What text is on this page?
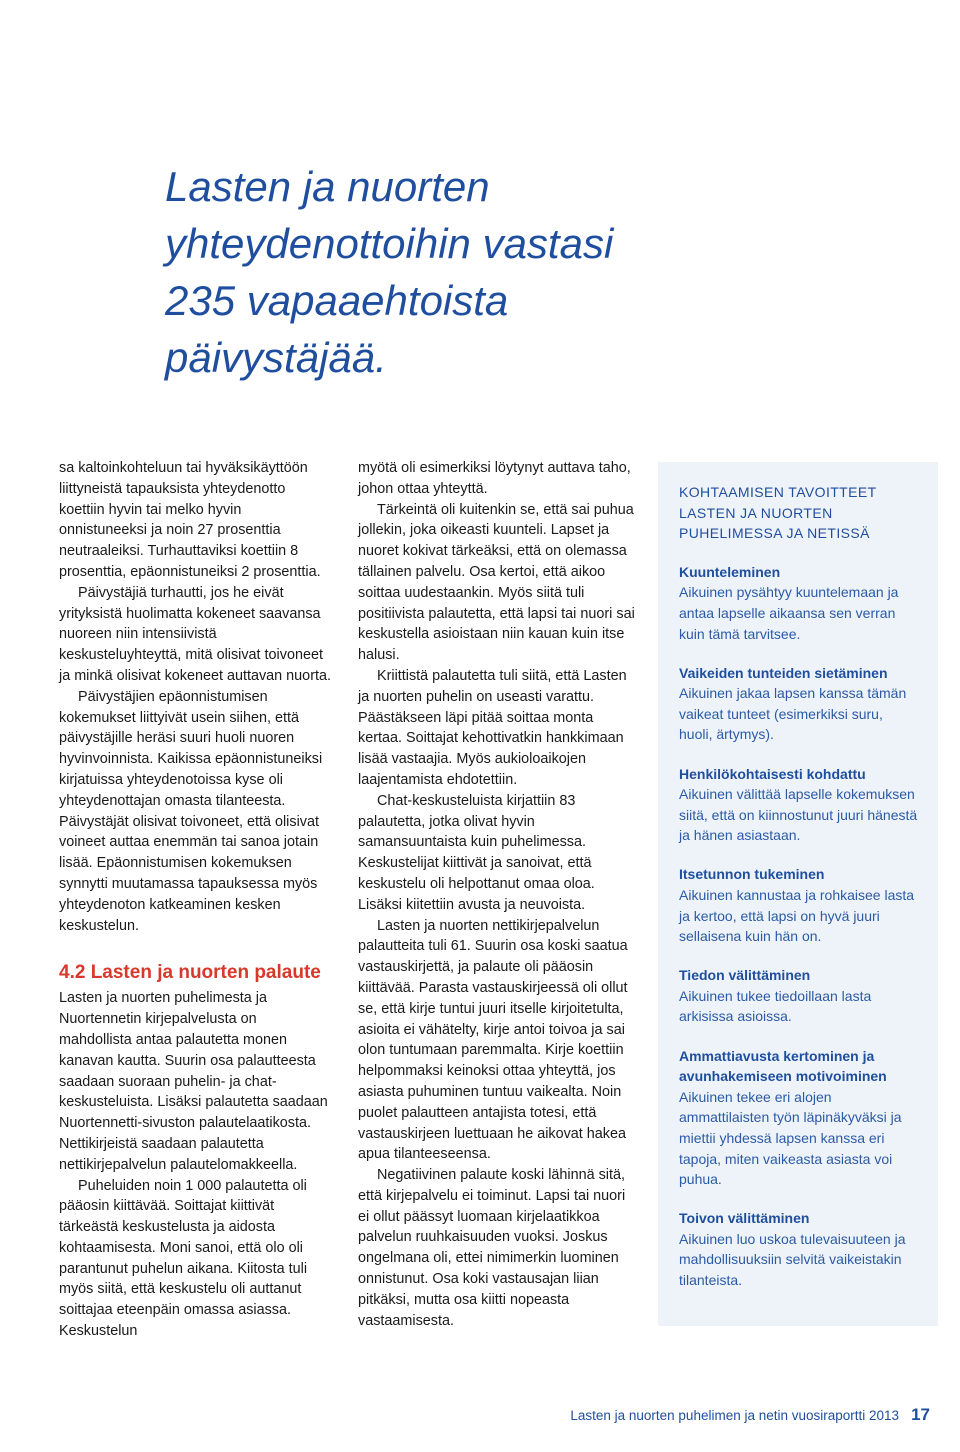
Lasten ja nuorten
yhteydenottoihin vastasi
235 vapaaehtoista
päivystäjää.

sa kaltoinkohteluun tai hyväksikäyttöön liittyneistä tapauksista yhteydenotto koettiin hyvin tai melko hyvin onnistuneeksi ja noin 27 prosenttia neutraaleiksi. Turhauttaviksi koettiin 8 prosenttia, epäonnistuneiksi 2 prosenttia.

Päivystäjiä turhautti, jos he eivät yrityksistä huolimatta kokeneet saavansa nuoreen niin intensiivistä keskusteluyhteyttä, mitä olisivat toivoneet ja minkä olisivat kokeneet auttavan nuorta.

Päivystäjien epäonnistumisen kokemukset liittyivät usein siihen, että päivystäjille heräsi suuri huoli nuoren hyvinvoinnista. Kaikissa epäonnistuneiksi kirjatuissa yhteydenotoissa kyse oli yhteydenottajan omasta tilanteesta. Päivystäjät olisivat toivoneet, että olisivat voineet auttaa enemmän tai sanoa jotain lisää. Epäonnistumisen kokemuksen synnytti muutamassa tapauksessa myös yhteydenoton katkeaminen kesken keskustelun.

4.2 Lasten ja nuorten palaute

Lasten ja nuorten puhelimesta ja Nuortennetin kirjepalvelusta on mahdollista antaa palautetta monen kanavan kautta. Suurin osa palautteesta saadaan suoraan puhelin- ja chat-keskusteluista. Lisäksi palautetta saadaan Nuortennetti-sivuston palautelaatikosta. Nettikirjeistä saadaan palautetta nettikirjepalvelun palautelomakkeella.

Puheluiden noin 1 000 palautetta oli pääosin kiittävää. Soittajat kiittivät tärkeästä keskustelusta ja aidosta kohtaamisesta. Moni sanoi, että olo oli parantunut puhelun aikana. Kiitosta tuli myös siitä, että keskustelu oli auttanut soittajaa eteenpäin omassa asiassa. Keskustelun

myötä oli esimerkiksi löytynyt auttava taho, johon ottaa yhteyttä.

Tärkeintä oli kuitenkin se, että sai puhua jollekin, joka oikeasti kuunteli. Lapset ja nuoret kokivat tärkeäksi, että on olemassa tällainen palvelu. Osa kertoi, että aikoo soittaa uudestaankin. Myös siitä tuli positiivista palautetta, että lapsi tai nuori sai keskustella asioistaan niin kauan kuin itse halusi.

Kriittistä palautetta tuli siitä, että Lasten ja nuorten puhelin on useasti varattu. Päästäkseen läpi pitää soittaa monta kertaa. Soittajat kehottivatkin hankkimaan lisää vastaajia. Myös aukioloaikojen laajentamista ehdotettiin.

Chat-keskusteluista kirjattiin 83 palautetta, jotka olivat hyvin samansuuntaista kuin puhelimessa. Keskustelijat kiittivät ja sanoivat, että keskustelu oli helpottanut omaa oloa. Lisäksi kiitettiin avusta ja neuvoista.

Lasten ja nuorten nettikirjepalvelun palautteita tuli 61. Suurin osa koski saatua vastauskirjettä, ja palaute oli pääosin kiittävää. Parasta vastauskirjeessä oli ollut se, että kirje tuntui juuri itselle kirjoitetulta, asioita ei vähätelty, kirje antoi toivoa ja sai olon tuntumaan paremmalta. Kirje koettiin helpommaksi keinoksi ottaa yhteyttä, jos asiasta puhuminen tuntuu vaikealta. Noin puolet palautteen antajista totesi, että vastauskirjeen luettuaan he aikovat hakea apua tilanteeseensa.

Negatiivinen palaute koski lähinnä sitä, että kirjepalvelu ei toiminut. Lapsi tai nuori ei ollut päässyt luomaan kirjelaatikkoa palvelun ruuhkaisuuden vuoksi. Joskus ongelmana oli, ettei nimimerkin luominen onnistunut. Osa koki vastausajan liian pitkäksi, mutta osa kiitti nopeasta vastaamisesta.

KOHTAAMISEN TAVOITTEET
LASTEN JA NUORTEN
PUHELIMESSA JA NETISSÄ

Kuunteleminen

Aikuinen pysähtyy kuuntelemaan ja antaa lapselle aikaansa sen verran kuin tämä tarvitsee.

Vaikeiden tunteiden sietäminen

Aikuinen jakaa lapsen kanssa tämän vaikeat tunteet (esimerkiksi suru, huoli, ärtymys).

Henkilökohtaisesti kohdattu

Aikuinen välittää lapselle kokemuksen siitä, että on kiinnostunut juuri hänestä ja hänen asiastaan.

Itsetunnon tukeminen

Aikuinen kannustaa ja rohkaisee lasta ja kertoo, että lapsi on hyvä juuri sellaisena kuin hän on.

Tiedon välittäminen

Aikuinen tukee tiedoillaan lasta arkisissa asioissa.

Ammattiavusta kertominen ja avunhakemiseen motivoiminen

Aikuinen tekee eri alojen ammattilaisten työn läpinäkyväksi ja miettii yhdessä lapsen kanssa eri tapoja, miten vaikeasta asiasta voi puhua.

Toivon välittäminen

Aikuinen luo uskoa tulevaisuuteen ja mahdollisuuksiin selvitä vaikeistakin tilanteista.

Lasten ja nuorten puhelimen ja netin vuosiraportti 2013 17
